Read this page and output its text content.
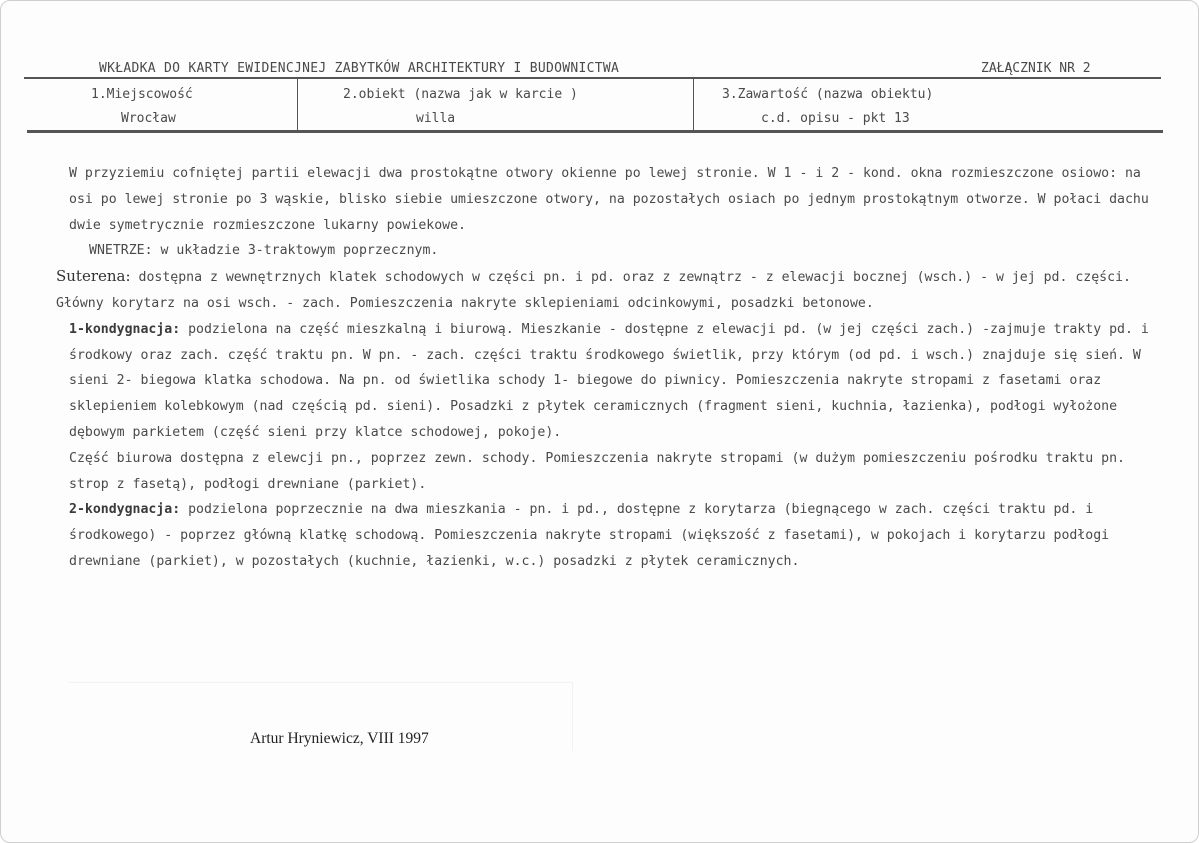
WKŁADKA DO KARTY EWIDENCJNEJ ZABYTKÓW ARCHITEKTURY I BUDOWNICTWA	ZAŁĄCZNIK NR 2
1.Miejscowość
Wrocław
2.obiekt (nazwa jak w karcie )
willa
3.Zawartość (nazwa obiektu)
c.d. opisu - pkt 13

W przyziemiu cofniętej partii elewacji dwa prostokątne otwory okienne po lewej stronie. W 1 - i 2 - kond. okna rozmieszczone osiowo: na osi po lewej stronie po 3 wąskie, blisko siebie umieszczone otwory, na pozostałych osiach po jednym prostokątnym otworze. W połaci dachu dwie symetrycznie rozmieszczone lukarny powiekowe.

WNETRZE: w układzie 3-traktowym poprzecznym.

Suterena: dostępna z wewnętrznych klatek schodowych w części pn. i pd. oraz z zewnątrz - z elewacji bocznej (wsch.) - w jej pd. części. Główny korytarz na osi wsch. - zach. Pomieszczenia nakryte sklepieniami odcinkowymi, posadzki betonowe.

1-kondygnacja: podzielona na część mieszkalną i biurową. Mieszkanie - dostępne z elewacji pd. (w jej części zach.) -zajmuje trakty pd. i środkowy oraz zach. część traktu pn. W pn. - zach. części traktu środkowego świetlik, przy którym (od pd. i wsch.) znajduje się sień. W sieni 2- biegowa klatka schodowa. Na pn. od świetlika schody 1- biegowe do piwnicy. Pomieszczenia nakryte stropami z fasetami oraz sklepieniem kolebkowym (nad częścią pd. sieni). Posadzki z płytek ceramicznych (fragment sieni, kuchnia, łazienka), podłogi wyłożone dębowym parkietem (część sieni przy klatce schodowej, pokoje).

Część biurowa dostępna z elewcji pn., poprzez zewn. schody. Pomieszczenia nakryte stropami (w dużym pomieszczeniu pośrodku traktu pn. strop z fasetą), podłogi drewniane (parkiet).

2-kondygnacja: podzielona poprzecznie na dwa mieszkania - pn. i pd., dostępne z korytarza (biegnącego w zach. części traktu pd. i środkowego) - poprzez główną klatkę schodową. Pomieszczenia nakryte stropami (większość z fasetami), w pokojach i korytarzu podłogi drewniane (parkiet), w pozostałych (kuchnie, łazienki, w.c.) posadzki z płytek ceramicznych.

Artur Hryniewicz, VIII 1997
